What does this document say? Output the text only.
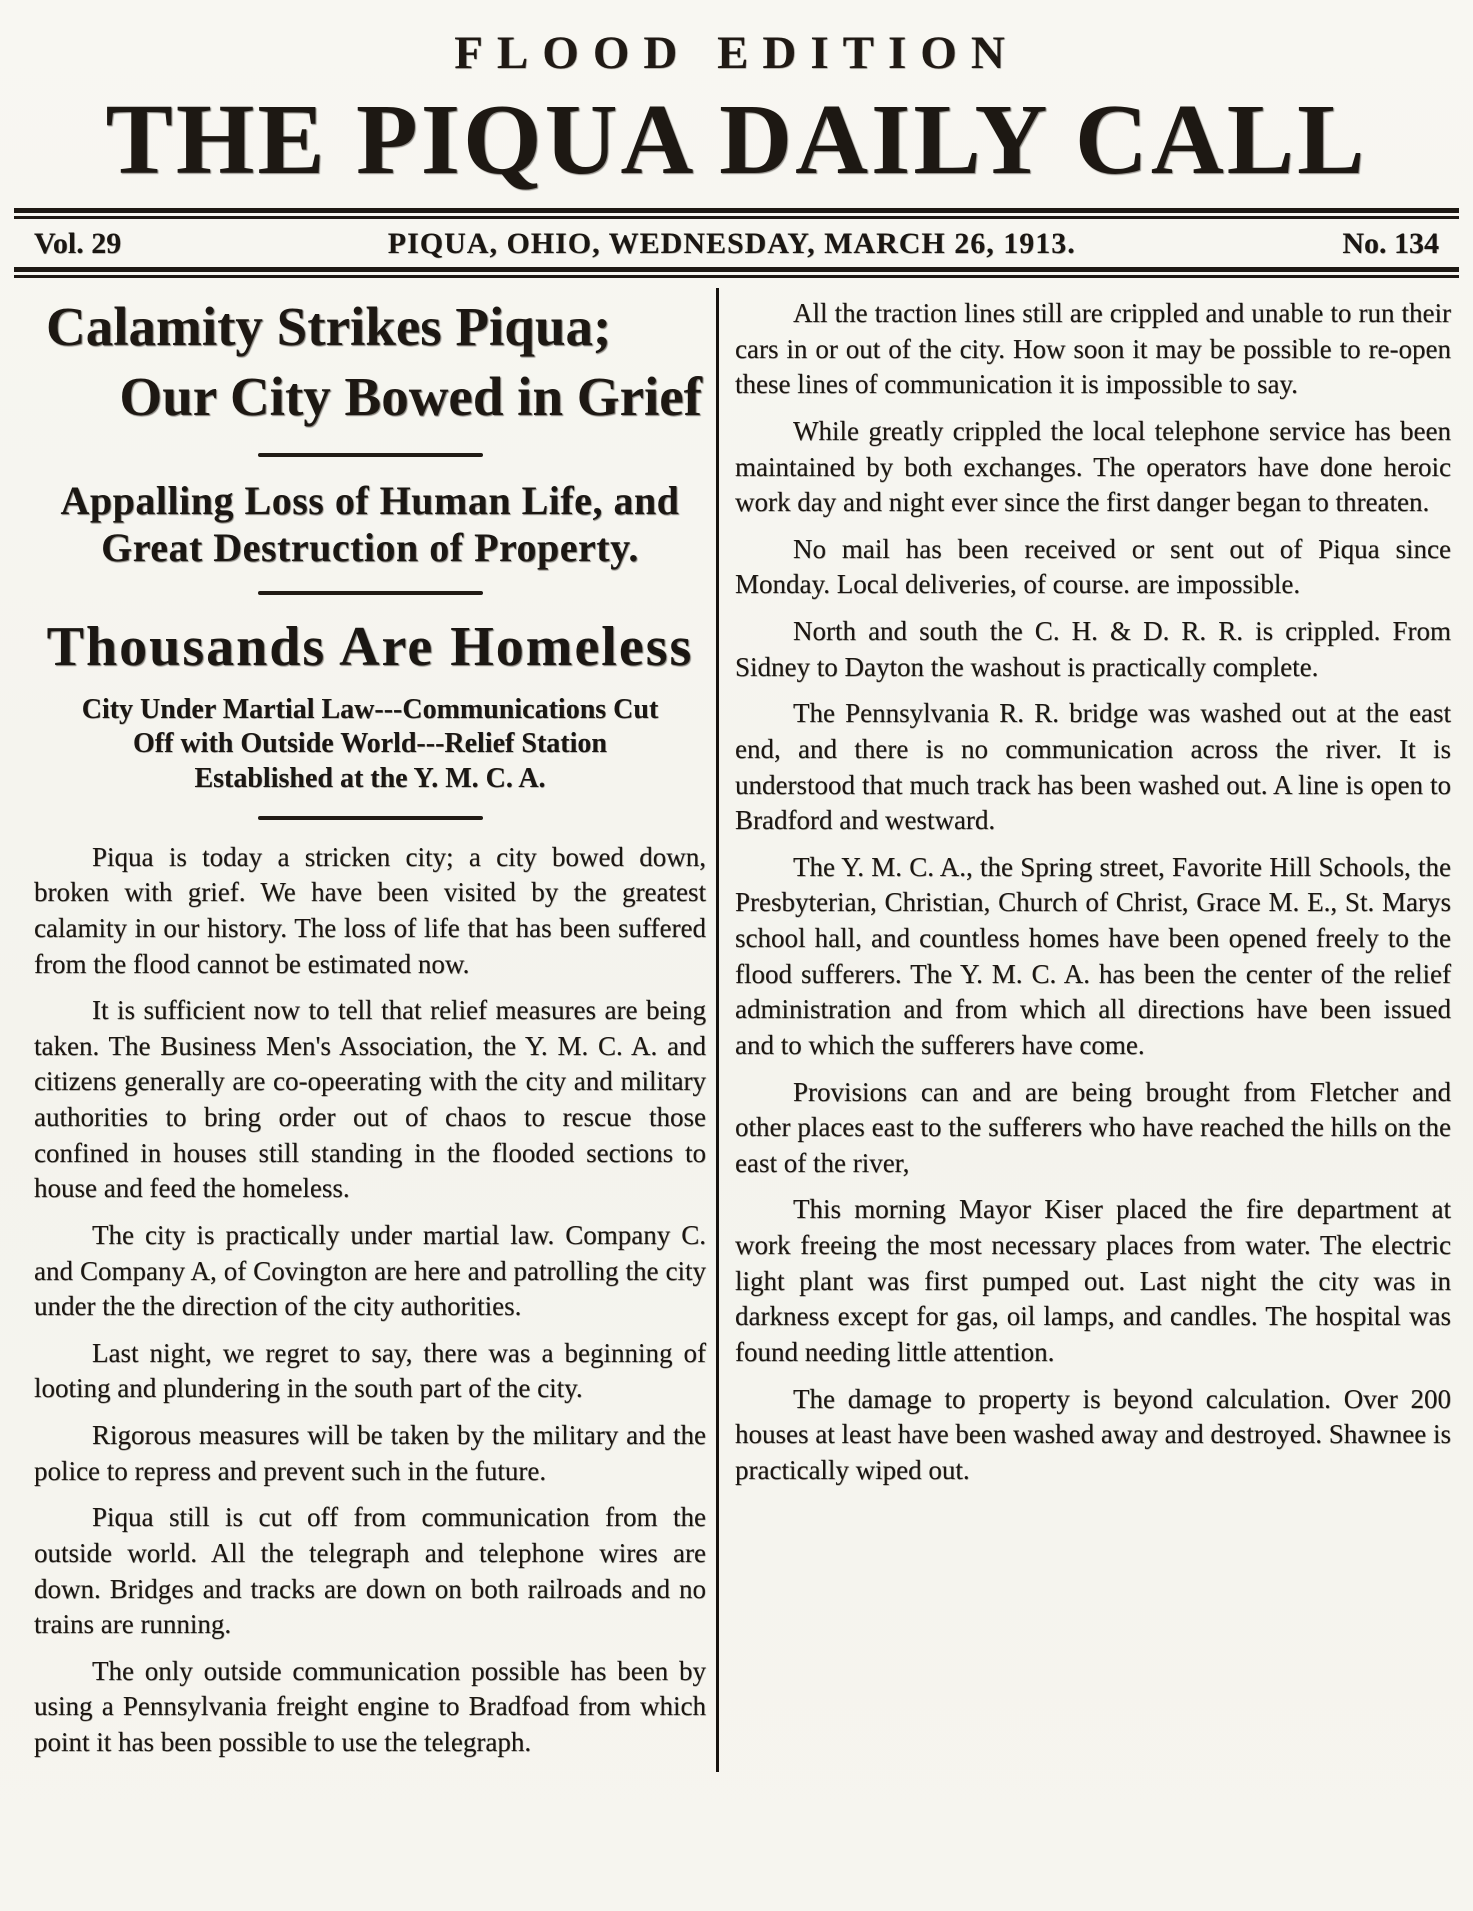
FLOOD EDITION
THE PIQUA DAILY CALL
Vol. 29	PIQUA, OHIO, WEDNESDAY, MARCH 26, 1913.	No. 134
Calamity Strikes Piqua;
Our City Bowed in Grief
Appalling Loss of Human Life, and
Great Destruction of Property.
Thousands Are Homeless
City Under Martial Law---Communications Cut
Off with Outside World---Relief Station
Established at the Y. M. C. A.

Piqua is today a stricken city; a city bowed down, broken with grief. We have been visited by the greatest calamity in our history. The loss of life that has been suffered from the flood cannot be estimated now.

It is sufficient now to tell that relief measures are being taken. The Business Men's Association, the Y. M. C. A. and citizens generally are co-opeerating with the city and military authorities to bring order out of chaos to rescue those confined in houses still standing in the flooded sections to house and feed the homeless.

The city is practically under martial law. Company C. and Company A, of Covington are here and patrolling the city under the the direction of the city authorities.

Last night, we regret to say, there was a beginning of looting and plundering in the south part of the city.

Rigorous measures will be taken by the military and the police to repress and prevent such in the future.

Piqua still is cut off from communication from the outside world. All the telegraph and telephone wires are down. Bridges and tracks are down on both railroads and no trains are running.

The only outside communication possible has been by using a Pennsylvania freight engine to Bradfoad from which point it has been possible to use the telegraph.

All the traction lines still are crippled and unable to run their cars in or out of the city. How soon it may be possible to re-open these lines of communication it is impossible to say.

While greatly crippled the local telephone service has been maintained by both exchanges. The operators have done heroic work day and night ever since the first danger began to threaten.

No mail has been received or sent out of Piqua since Monday. Local deliveries, of course. are impossible.

North and south the C. H. & D. R. R. is crippled. From Sidney to Dayton the washout is practically complete.

The Pennsylvania R. R. bridge was washed out at the east end, and there is no communication across the river. It is understood that much track has been washed out. A line is open to Bradford and westward.

The Y. M. C. A., the Spring street, Favorite Hill Schools, the Presbyterian, Christian, Church of Christ, Grace M. E., St. Marys school hall, and countless homes have been opened freely to the flood sufferers. The Y. M. C. A. has been the center of the relief administration and from which all directions have been issued and to which the sufferers have come.

Provisions can and are being brought from Fletcher and other places east to the sufferers who have reached the hills on the east of the river,

This morning Mayor Kiser placed the fire department at work freeing the most necessary places from water. The electric light plant was first pumped out. Last night the city was in darkness except for gas, oil lamps, and candles. The hospital was found needing little attention.

The damage to property is beyond calculation. Over 200 houses at least have been washed away and destroyed. Shawnee is practically wiped out.
